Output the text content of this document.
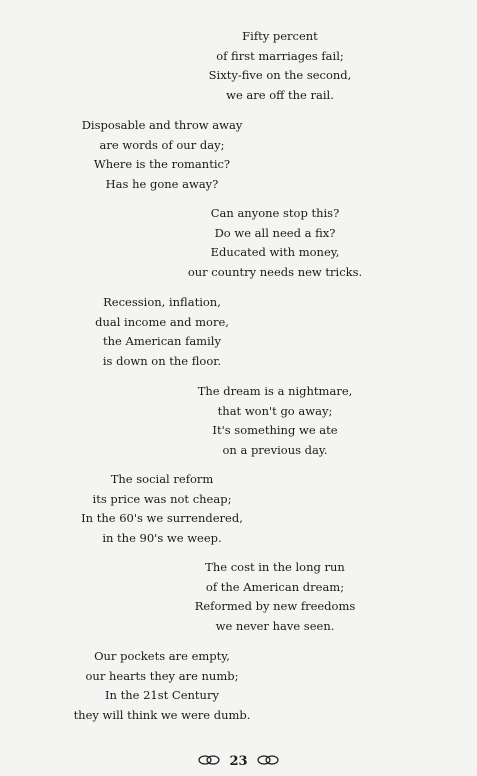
Fifty percent
of first marriages fail;
Sixty-five on the second,
we are off the rail.
Disposable and throw away
are words of our day;
Where is the romantic?
Has he gone away?
Can anyone stop this?
Do we all need a fix?
Educated with money,
our country needs new tricks.
Recession, inflation,
dual income and more,
the American family
is down on the floor.
The dream is a nightmare,
that won't go away;
It's something we ate
on a previous day.
The social reform
its price was not cheap;
In the 60's we surrendered,
in the 90's we weep.
The cost in the long run
of the American dream;
Reformed by new freedoms
we never have seen.
Our pockets are empty,
our hearts they are numb;
In the 21st Century
they will think we were dumb.
23
